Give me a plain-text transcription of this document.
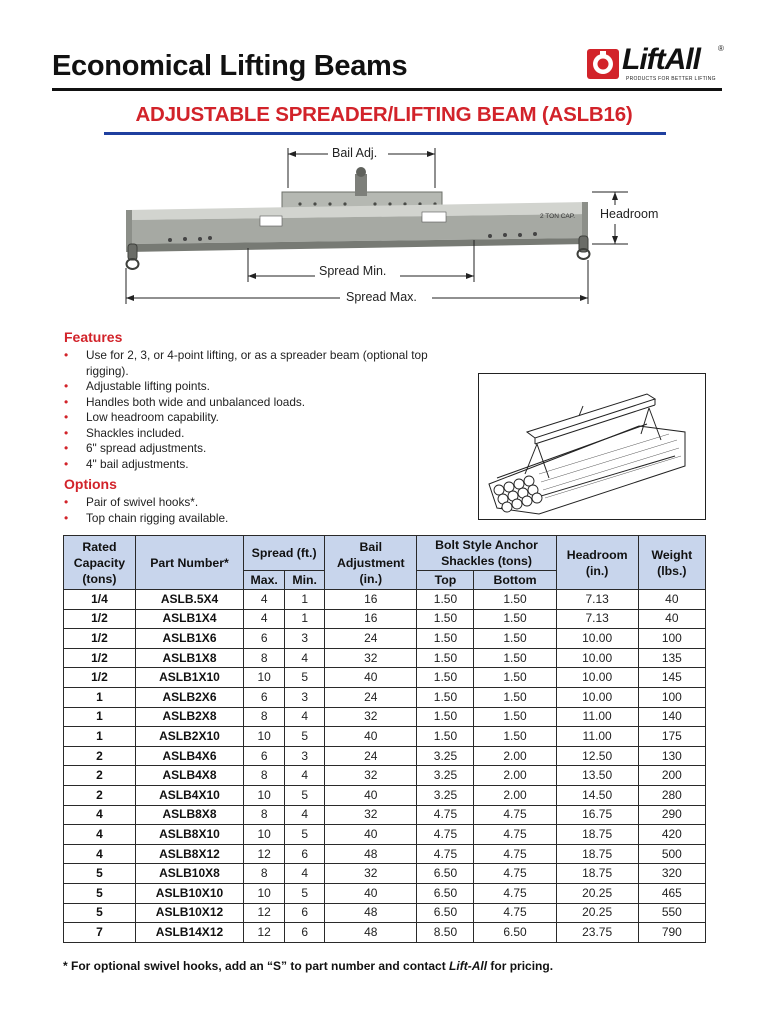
Economical Lifting Beams	LiftAll ®
PRODUCTS FOR BETTER LIFTING
ADJUSTABLE SPREADER/LIFTING BEAM (ASLB16)
2 TON CAP.
Bail Adj.
Headroom
Spread Min.
Spread Max.
Features
• Use for 2, 3, or 4-point lifting, or as a spreader beam (optional top rigging).
• Adjustable lifting points.
• Handles both wide and unbalanced loads.
• Low headroom capability.
• Shackles included.
• 6" spread adjustments.
• 4" bail adjustments.
Options
• Pair of swivel hooks*.
• Top chain rigging available.
Rated Capacity (tons)	Part Number*	Spread (ft.)		Bail Adjustment (in.)	Bolt Style Anchor Shackles (tons)		Headroom (in.)	Weight (lbs.)
		Max.	Min.		Top	Bottom		
1/4	ASLB.5X4	4	1	16	1.50	1.50	7.13	40
1/2	ASLB1X4	4	1	16	1.50	1.50	7.13	40
1/2	ASLB1X6	6	3	24	1.50	1.50	10.00	100
1/2	ASLB1X8	8	4	32	1.50	1.50	10.00	135
1/2	ASLB1X10	10	5	40	1.50	1.50	10.00	145
1	ASLB2X6	6	3	24	1.50	1.50	10.00	100
1	ASLB2X8	8	4	32	1.50	1.50	11.00	140
1	ASLB2X10	10	5	40	1.50	1.50	11.00	175
2	ASLB4X6	6	3	24	3.25	2.00	12.50	130
2	ASLB4X8	8	4	32	3.25	2.00	13.50	200
2	ASLB4X10	10	5	40	3.25	2.00	14.50	280
4	ASLB8X8	8	4	32	4.75	4.75	16.75	290
4	ASLB8X10	10	5	40	4.75	4.75	18.75	420
4	ASLB8X12	12	6	48	4.75	4.75	18.75	500
5	ASLB10X8	8	4	32	6.50	4.75	18.75	320
5	ASLB10X10	10	5	40	6.50	4.75	20.25	465
5	ASLB10X12	12	6	48	6.50	4.75	20.25	550
7	ASLB14X12	12	6	48	8.50	6.50	23.75	790
* For optional swivel hooks, add an “S” to part number and contact Lift-All for pricing.
